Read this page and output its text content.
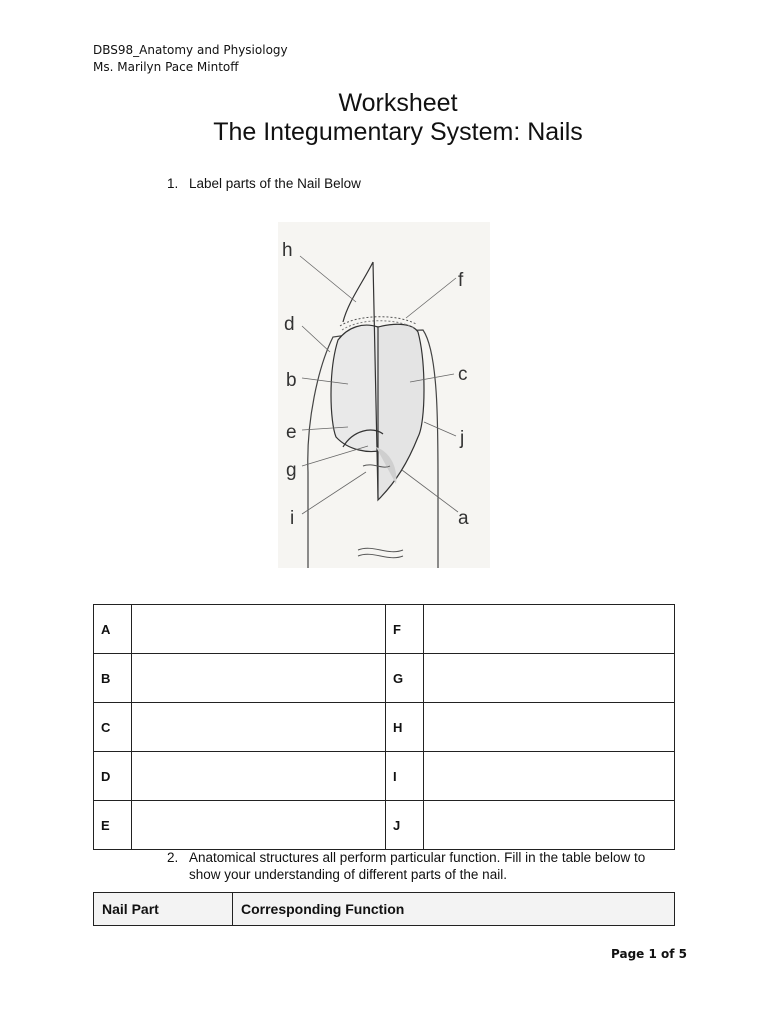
DBS98_Anatomy and Physiology
Ms. Marilyn Pace Mintoff
Worksheet
The Integumentary System: Nails
1. Label parts of the Nail Below
h
f
d
b	c
e	j
g
i	a
A		F	
B		G	
C		H	
D		I	
E		J	
2. Anatomical structures all perform particular function. Fill in the table below to
show your understanding of different parts of the nail.
Nail Part	Corresponding Function
Page 1 of 5
